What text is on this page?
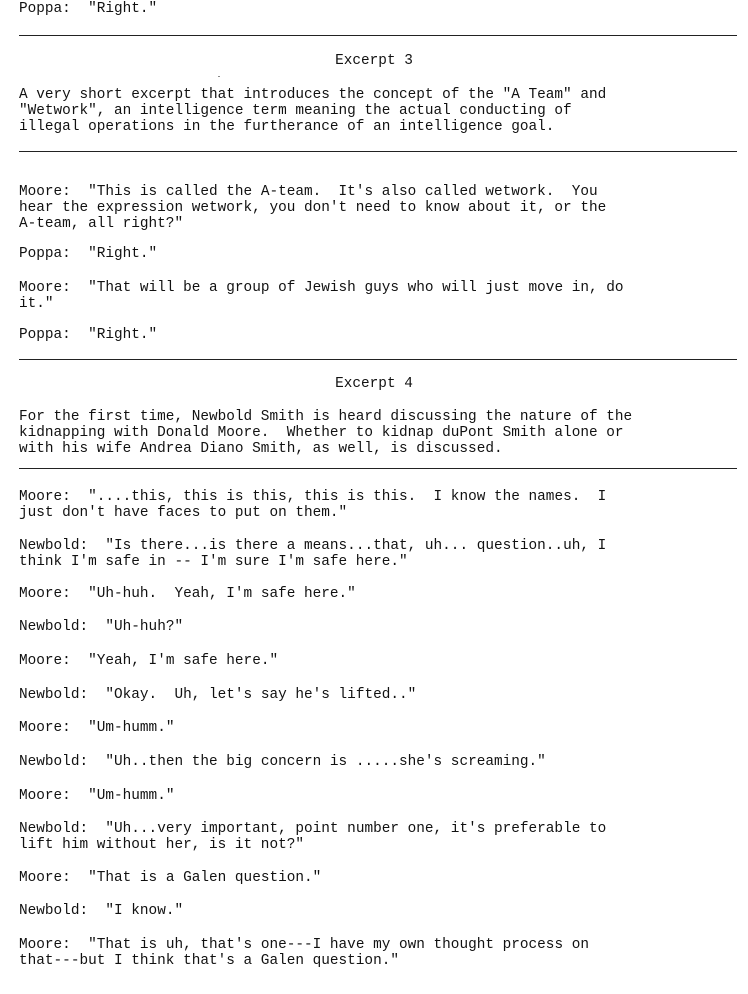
Poppa: "Right."
Excerpt 3
A very short excerpt that introduces the concept of the "A Team" and
"Wetwork", an intelligence term meaning the actual conducting of
illegal operations in the furtherance of an intelligence goal.
Moore: "This is called the A-team.  It's also called wetwork.  You
hear the expression wetwork, you don't need to know about it, or the
A-team, all right?"
Poppa: "Right."
Moore: "That will be a group of Jewish guys who will just move in, do
it."
Poppa: "Right."
Excerpt 4
For the first time, Newbold Smith is heard discussing the nature of the
kidnapping with Donald Moore.  Whether to kidnap duPont Smith alone or
with his wife Andrea Diano Smith, as well, is discussed.
Moore: "....this, this is this, this is this.  I know the names.  I
just don't have faces to put on them."
Newbold: "Is there...is there a means...that, uh... question..uh, I
think I'm safe in -- I'm sure I'm safe here."
Moore: "Uh-huh.  Yeah, I'm safe here."
Newbold: "Uh-huh?"
Moore: "Yeah, I'm safe here."
Newbold: "Okay.  Uh, let's say he's lifted.."
Moore: "Um-humm."
Newbold: "Uh..then the big concern is .....she's screaming."
Moore: "Um-humm."
Newbold: "Uh...very important, point number one, it's preferable to
lift him without her, is it not?"
Moore: "That is a Galen question."
Newbold: "I know."
Moore: "That is uh, that's one---I have my own thought process on
that---but I think that's a Galen question."
